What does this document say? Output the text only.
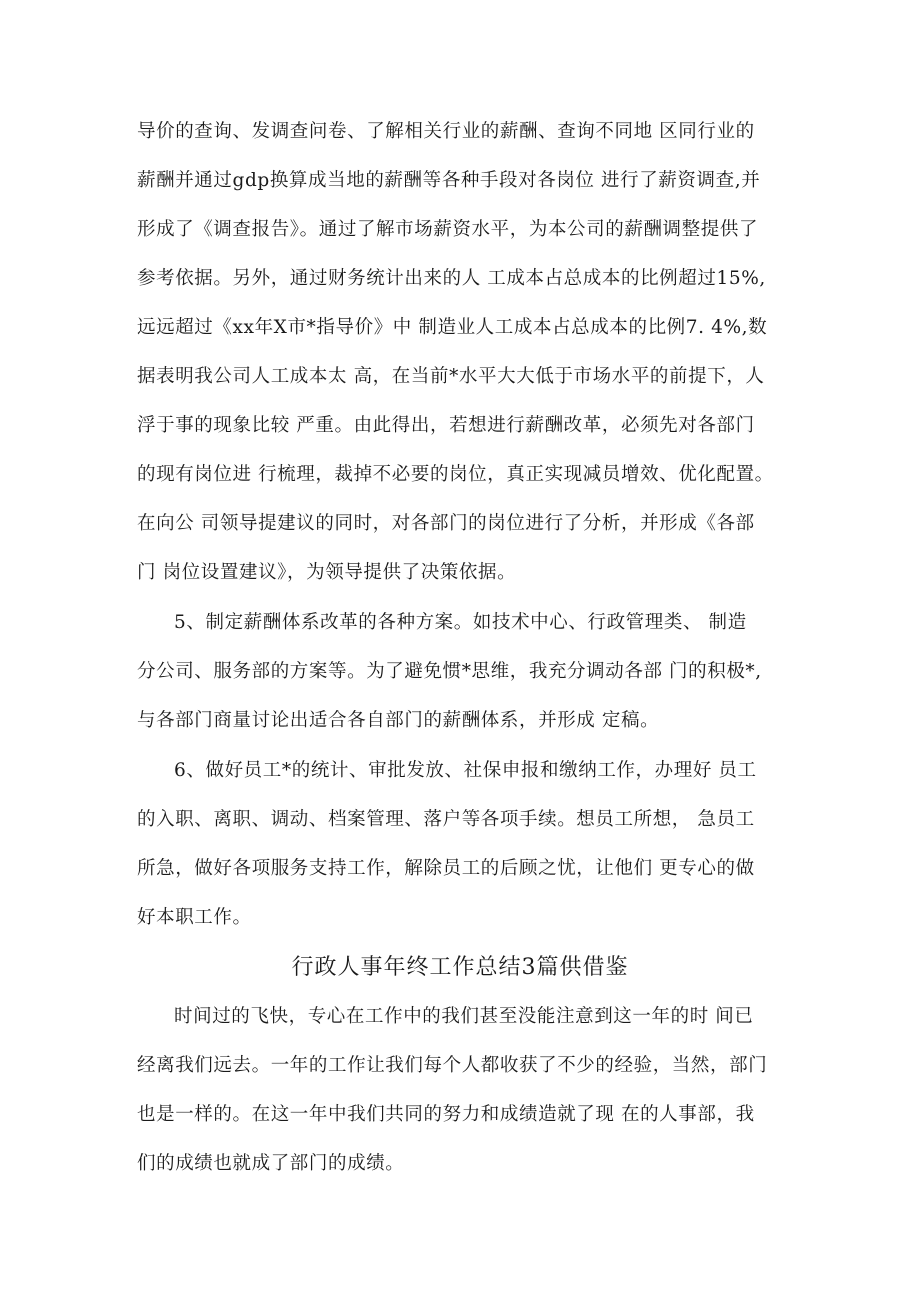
导价的查询、发调查问卷、了解相关行业的薪酬、查询不同地 区同行业的
薪酬并通过gdp换算成当地的薪酬等各种手段对各岗位 进行了薪资调查,并
形成了《调查报告》。通过了解市场薪资水平，为本公司的薪酬调整提供了
参考依据。另外，通过财务统计出来的人 工成本占总成本的比例超过15%,
远远超过《xx年X市*指导价》中 制造业人工成本占总成本的比例7. 4%,数
据表明我公司人工成本太 高，在当前*水平大大低于市场水平的前提下，人
浮于事的现象比较 严重。由此得出，若想进行薪酬改革，必须先对各部门
的现有岗位进 行梳理，裁掉不必要的岗位，真正实现减员增效、优化配置。
在向公 司领导提建议的同时，对各部门的岗位进行了分析，并形成《各部
门 岗位设置建议》，为领导提供了决策依据。
5、制定薪酬体系改革的各种方案。如技术中心、行政管理类、 制造
分公司、服务部的方案等。为了避免惯*思维，我充分调动各部 门的积极*,
与各部门商量讨论出适合各自部门的薪酬体系，并形成 定稿。
6、做好员工*的统计、审批发放、社保申报和缴纳工作，办理好 员工
的入职、离职、调动、档案管理、落户等各项手续。想员工所想， 急员工
所急，做好各项服务支持工作，解除员工的后顾之忧，让他们 更专心的做
好本职工作。
行政人事年终工作总结3篇供借鉴
时间过的飞快，专心在工作中的我们甚至没能注意到这一年的时 间已
经离我们远去。一年的工作让我们每个人都收获了不少的经验，当然，部门
也是一样的。在这一年中我们共同的努力和成绩造就了现 在的人事部，我
们的成绩也就成了部门的成绩。
